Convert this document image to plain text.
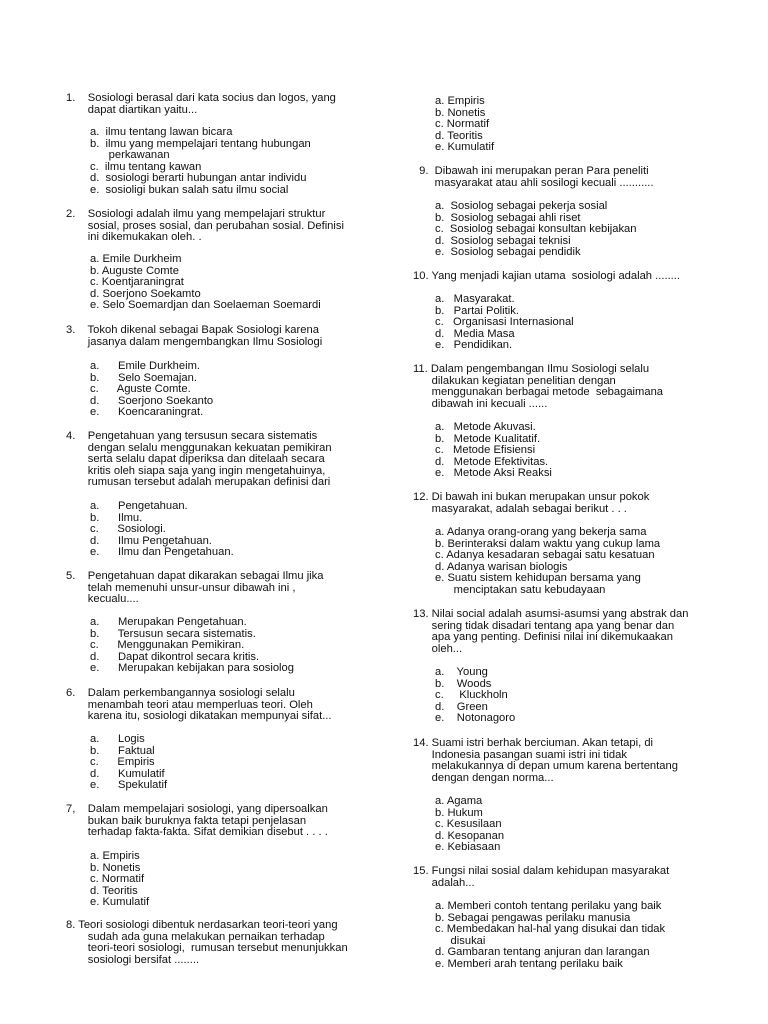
1.    Sosiologi berasal dari kata socius dan logos, yang
dapat diartikan yaitu...
a.  ilmu tentang lawan bicara
b.  ilmu yang mempelajari tentang hubungan
perkawanan
c.  ilmu tentang kawan
d.  sosiologi berarti hubungan antar individu
e.  sosioligi bukan salah satu ilmu social
2.    Sosiologi adalah ilmu yang mempelajari struktur
sosial, proses sosial, dan perubahan sosial. Definisi
ini dikemukakan oleh. .
a. Emile Durkheim
b. Auguste Comte
c. Koentjaraningrat
d. Soerjono Soekamto
e. Selo Soemardjan dan Soelaeman Soemardi
3.    Tokoh dikenal sebagai Bapak Sosiologi karena
jasanya dalam mengembangkan Ilmu Sosiologi
a.      Emile Durkheim.
b.      Selo Soemajan.
c.      Aguste Comte.
d.      Soerjono Soekanto
e.      Koencaraningrat.
4.    Pengetahuan yang tersusun secara sistematis
dengan selalu menggunakan kekuatan pemikiran
serta selalu dapat diperiksa dan ditelaah secara
kritis oleh siapa saja yang ingin mengetahuinya,
rumusan tersebut adalah merupakan definisi dari
a.      Pengetahuan.
b.      Ilmu.
c.      Sosiologi.
d.      Ilmu Pengetahuan.
e.      Ilmu dan Pengetahuan.
5.    Pengetahuan dapat dikarakan sebagai Ilmu jika
telah memenuhi unsur-unsur dibawah ini ,
kecualu....
a.      Merupakan Pengetahuan.
b.      Tersusun secara sistematis.
c.      Menggunakan Pemikiran.
d.      Dapat dikontrol secara kritis.
e.      Merupakan kebijakan para sosiolog
6.    Dalam perkembangannya sosiologi selalu
menambah teori atau memperluas teori. Oleh
karena itu, sosiologi dikatakan mempunyai sifat...
a.      Logis
b.      Faktual
c.      Empiris
d.      Kumulatif
e.      Spekulatif
7,    Dalam mempelajari sosiologi, yang dipersoalkan
bukan baik buruknya fakta tetapi penjelasan
terhadap fakta-fakta. Sifat demikian disebut . . . .
a. Empiris
b. Nonetis
c. Normatif
d. Teoritis
e. Kumulatif
8. Teori sosiologi dibentuk nerdasarkan teori-teori yang
sudah ada guna melakukan pernaikan terhadap
teori-teori sosiologi,  rumusan tersebut menunjukkan
sosiologi bersifat ........
a. Empiris
b. Nonetis
c. Normatif
d. Teoritis
e. Kumulatif
9.  Dibawah ini merupakan peran Para peneliti
masyarakat atau ahli sosilogi kecuali ...........
a.  Sosiolog sebagai pekerja sosial
b.  Sosiolog sebagai ahli riset
c.  Sosiolog sebagai konsultan kebijakan
d.  Sosiolog sebagai teknisi
e.  Sosiolog sebagai pendidik
10. Yang menjadi kajian utama  sosiologi adalah ........
a.   Masyarakat.
b.   Partai Politik.
c.   Organisasi Internasional
d.   Media Masa
e.   Pendidikan.
11. Dalam pengembangan Ilmu Sosiologi selalu
dilakukan kegiatan penelitian dengan
menggunakan berbagai metode  sebagaimana
dibawah ini kecuali ......
a.   Metode Akuvasi.
b.   Metode Kualitatif.
c.   Metode Efisiensi
d.   Metode Efektivitas.
e.   Metode Aksi Reaksi
12. Di bawah ini bukan merupakan unsur pokok
masyarakat, adalah sebagai berikut . . .
a. Adanya orang-orang yang bekerja sama
b. Berinteraksi dalam waktu yang cukup lama
c. Adanya kesadaran sebagai satu kesatuan
d. Adanya warisan biologis
e. Suatu sistem kehidupan bersama yang
menciptakan satu kebudayaan
13. Nilai social adalah asumsi-asumsi yang abstrak dan
sering tidak disadari tentang apa yang benar dan
apa yang penting. Definisi nilai ini dikemukaakan
oleh...
a.    Young
b.    Woods
c.     Kluckholn
d.    Green
e.    Notonagoro
14. Suami istri berhak berciuman. Akan tetapi, di
Indonesia pasangan suami istri ini tidak
melakukannya di depan umum karena bertentang
dengan dengan norma...
a. Agama
b. Hukum
c. Kesusilaan
d. Kesopanan
e. Kebiasaan
15. Fungsi nilai sosial dalam kehidupan masyarakat
adalah...
a. Memberi contoh tentang perilaku yang baik
b. Sebagai pengawas perilaku manusia
c. Membedakan hal-hal yang disukai dan tidak
disukai
d. Gambaran tentang anjuran dan larangan
e. Memberi arah tentang perilaku baik
